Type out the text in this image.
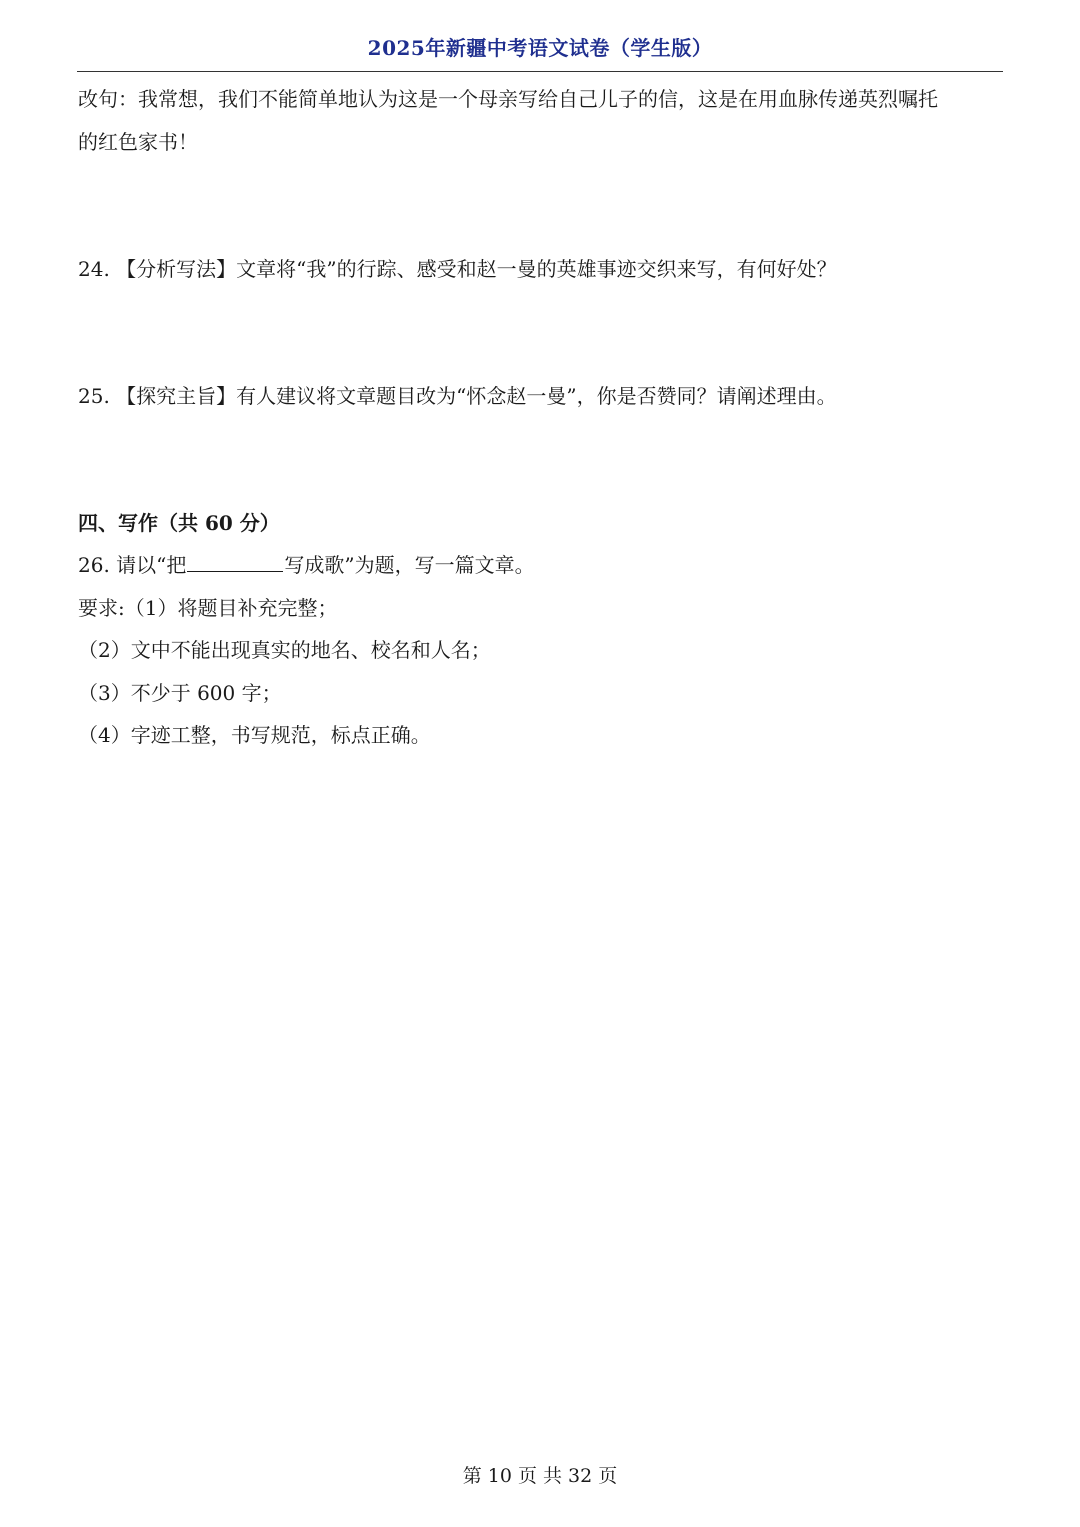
2025年新疆中考语文试卷（学生版）
改句：我常想，我们不能简单地认为这是一个母亲写给自己儿子的信，这是在用血脉传递英烈嘱托
的红色家书！
24. 【分析写法】文章将“我”的行踪、感受和赵一曼的英雄事迹交织来写，有何好处？
25. 【探究主旨】有人建议将文章题目改为“怀念赵一曼”，你是否赞同？请阐述理由。
四、写作（共 60 分）
26. 请以“把	写成歌”为题，写一篇文章。
要求:（1）将题目补充完整；
（2）文中不能出现真实的地名、校名和人名；
（3）不少于 600 字；
（4）字迹工整，书写规范，标点正确。
第 10 页 共 32 页
